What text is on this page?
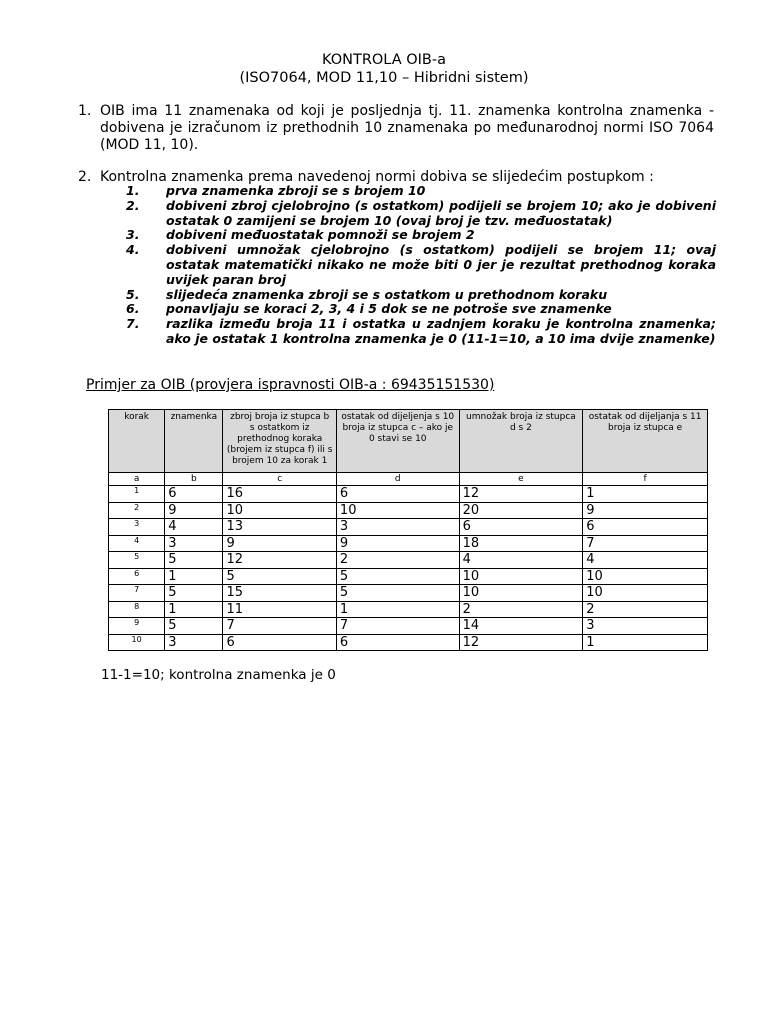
KONTROLA OIB-a
(ISO7064, MOD 11,10 – Hibridni sistem)
1. OIB ima 11 znamenaka od koji je posljednja tj. 11. znamenka kontrolna znamenka - dobivena je izračunom iz prethodnih 10 znamenaka po međunarodnoj normi ISO 7064 (MOD 11, 10).
2. Kontrolna znamenka prema navedenoj normi dobiva se slijedećim postupkom :
1. prva znamenka zbroji se s brojem 10
2. dobiveni zbroj cjelobrojno (s ostatkom) podijeli se brojem 10; ako je dobiveni ostatak 0 zamijeni se brojem 10 (ovaj broj je tzv. međuostatak)
3. dobiveni međuostatak pomnoži se brojem 2
4. dobiveni umnožak cjelobrojno (s ostatkom) podijeli se brojem 11; ovaj ostatak matematički nikako ne može biti 0 jer je rezultat prethodnog koraka uvijek paran broj
5. slijedeća znamenka zbroji se s ostatkom u prethodnom koraku
6. ponavljaju se koraci 2, 3, 4 i 5 dok se ne potroše sve znamenke
7. razlika između broja 11 i ostatka u zadnjem koraku je kontrolna znamenka; ako je ostatak 1 kontrolna znamenka je 0 (11-1=10, a 10 ima dvije znamenke)
Primjer za OIB (provjera ispravnosti OIB-a : 69435151530)
korak	znamenka	zbroj broja iz stupca b s ostatkom iz prethodnog koraka (brojem iz stupca f) ili s brojem 10 za korak 1	ostatak od dijeljenja s 10 broja iz stupca c – ako je 0 stavi se 10	umnožak broja iz stupca d s 2	ostatak od dijeljanja s 11 broja iz stupca e
a	b	c	d	e	f
1	6	16	6	12	1
2	9	10	10	20	9
3	4	13	3	6	6
4	3	9	9	18	7
5	5	12	2	4	4
6	1	5	5	10	10
7	5	15	5	10	10
8	1	11	1	2	2
9	5	7	7	14	3
10	3	6	6	12	1
11-1=10; kontrolna znamenka je 0
